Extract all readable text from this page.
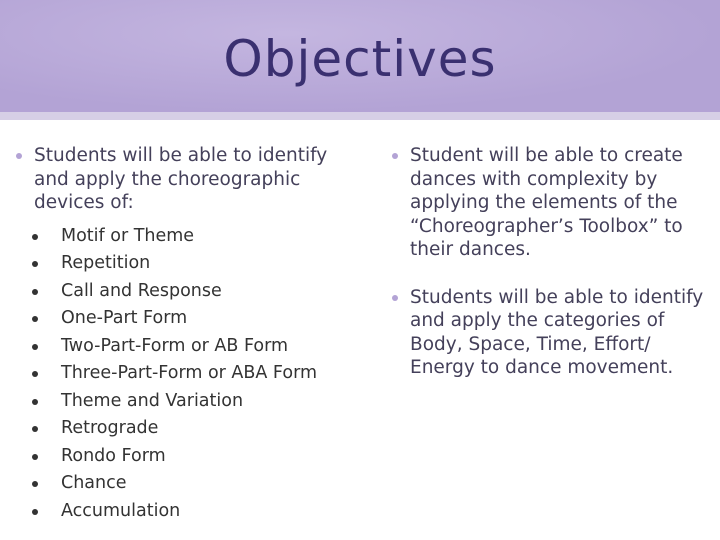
Objectives
Students will be able to identify and apply the choreographic devices of:
Motif or Theme
Repetition
Call and Response
One-Part Form
Two-Part-Form or AB Form
Three-Part-Form or ABA Form
Theme and Variation
Retrograde
Rondo Form
Chance
Accumulation
Student will be able to create dances with complexity by applying the elements of the “Choreographer’s Toolbox” to their dances.
Students will be able to identify and apply the categories of Body, Space, Time, Effort/ Energy to dance movement.
